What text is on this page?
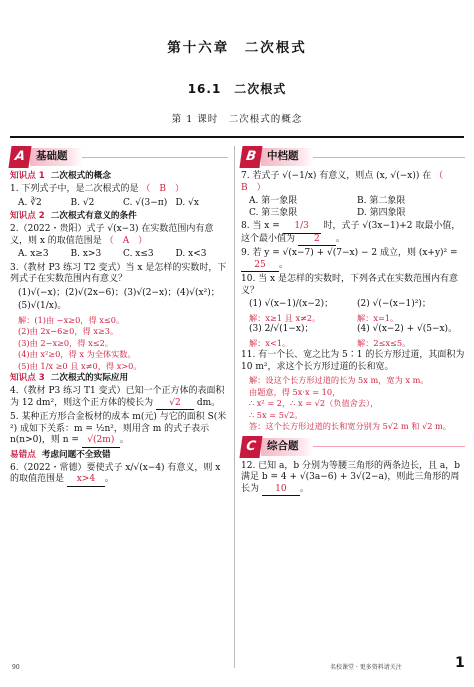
第十六章　二次根式
16.1　二次根式
第 1 课时　二次根式的概念
A 基础题
知识点 1 二次根式的概念
1. 下列式子中，是二次根式的是 （　B　）
A. ∛2	B. √2	C. √(3−π) D. √x
知识点 2 二次根式有意义的条件
2.（2022・贵阳）式子 √(x−3) 在实数范围内有意义，则 x 的取值范围是 （　A　）
A. x≥3	B. x>3	C. x≤3	D. x<3
3.（教材 P3 练习 T2 变式）当 x 是怎样的实数时，下列式子在实数范围内有意义？
(1)√(−x)；(2)√(2x−6)；(3)√(2−x)；(4)√(x²)；
(5)√(1/x)。
解：(1)由 −x≥0，得 x≤0。
(2)由 2x−6≥0，得 x≥3。
(3)由 2−x≥0，得 x≤2。
(4)由 x²≥0，得 x 为全体实数。
(5)由 1/x ≥0 且 x≠0，得 x>0。
知识点 3 二次根式的实际应用
4.（教材 P3 练习 T1 变式）已知一个正方体的表面积为 12 dm²，则这个正方体的棱长为 √2 dm。
5. 某种正方形合金板材的成本 m(元) 与它的面积 S(米²) 成如下关系：m = ½n²，则用含 m 的式子表示 n(n>0)，则 n = √(2m) 。
易错点 考虑问题不全致错
6.（2022・常德）要使式子 x/√(x−4) 有意义，则 x 的取值范围是 x>4 。
B 中档题
7. 若式子 √(−1/x) 有意义，则点 (x, √(−x)) 在 （　B　）
A. 第一象限	B. 第二象限
C. 第三象限	D. 第四象限
8. 当 x = 1/3 时，式子 √(3x−1)+2 取最小值，这个最小值为 2 。
9. 若 y = √(x−7) + √(7−x) − 2 成立，则 (x+y)² = 25 。
10. 当 x 是怎样的实数时，下列各式在实数范围内有意义？
(1) √(x−1)/(x−2)；	(2) √(−(x−1)²)；
解：x≥1 且 x≠2。	解：x=1。
(3) 2/√(1−x)；	(4) √(x−2) + √(5−x)。
解：x<1。	解：2≤x≤5。
11. 有一个长、宽之比为 5∶1 的长方形过道，其面积为 10 m²，求这个长方形过道的长和宽。
解：设这个长方形过道的长为 5x m，宽为 x m。
由题意，得 5x·x = 10，
∴ x² = 2，∴ x = √2（负值舍去），
∴ 5x = 5√2。
答：这个长方形过道的长和宽分别为 5√2 m 和 √2 m。
C 综合题
12. 已知 a，b 分别为等腰三角形的两条边长，且 a，b 满足 b = 4 + √(3a−6) + 3√(2−a)，则此三角形的周长为 10 。
90	名校课堂 · 更多资料请关注	1
